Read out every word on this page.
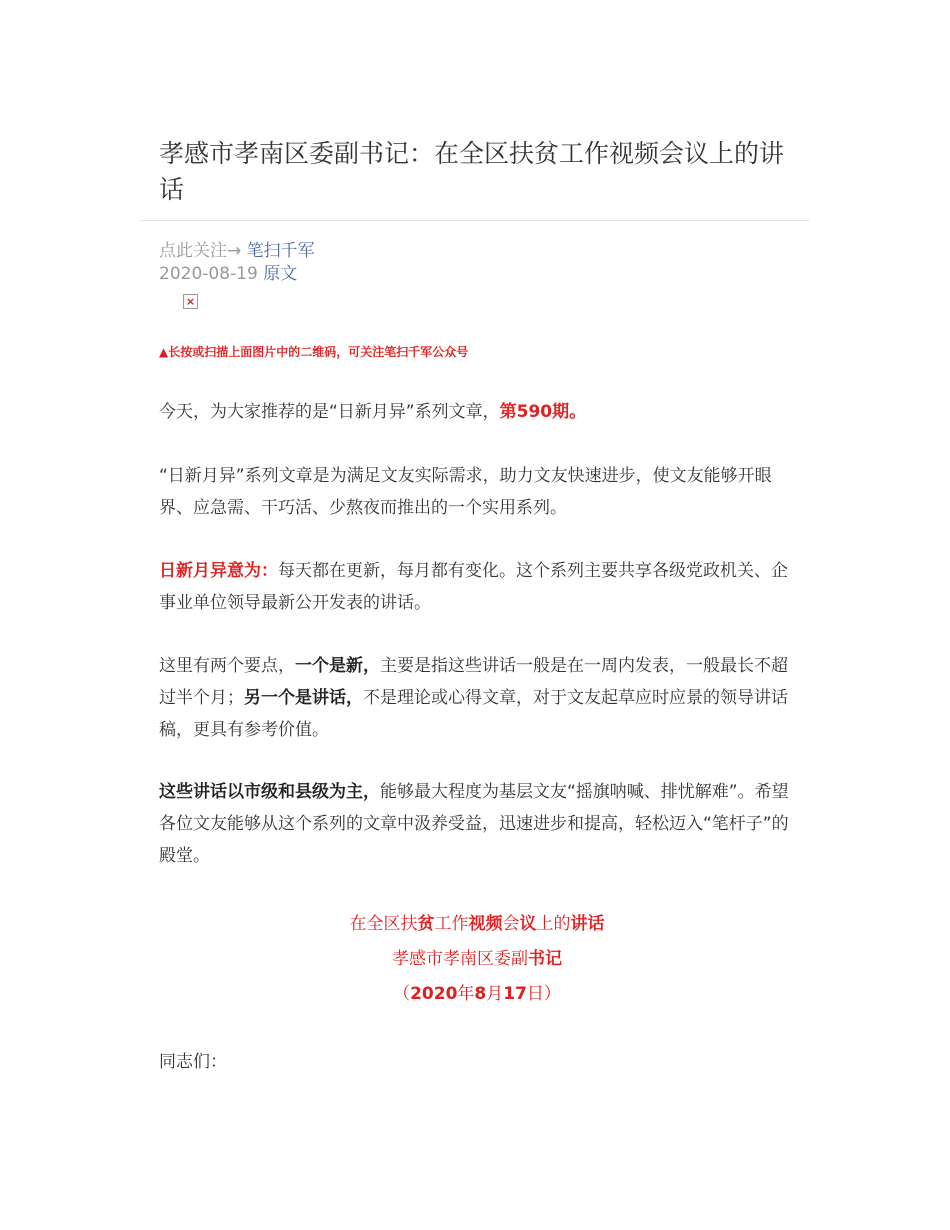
孝感市孝南区委副书记：在全区扶贫工作视频会议上的讲话
点此关注→ 笔扫千军
2020-08-19 原文
×
▲长按或扫描上面图片中的二维码，可关注笔扫千军公众号

今天，为大家推荐的是“日新月异”系列文章，第590期。

“日新月异”系列文章是为满足文友实际需求，助力文友快速进步，使文友能够开眼界、应急需、干巧活、少熬夜而推出的一个实用系列。

日新月异意为：每天都在更新，每月都有变化。这个系列主要共享各级党政机关、企事业单位领导最新公开发表的讲话。

这里有两个要点，一个是新，主要是指这些讲话一般是在一周内发表，一般最长不超过半个月；另一个是讲话，不是理论或心得文章，对于文友起草应时应景的领导讲话稿，更具有参考价值。

这些讲话以市级和县级为主，能够最大程度为基层文友“摇旗呐喊、排忧解难”。希望各位文友能够从这个系列的文章中汲养受益，迅速进步和提高，轻松迈入“笔杆子”的殿堂。

在全区扶贫工作视频会议上的讲话
孝感市孝南区委副书记
（2020年8月17日）
同志们：
